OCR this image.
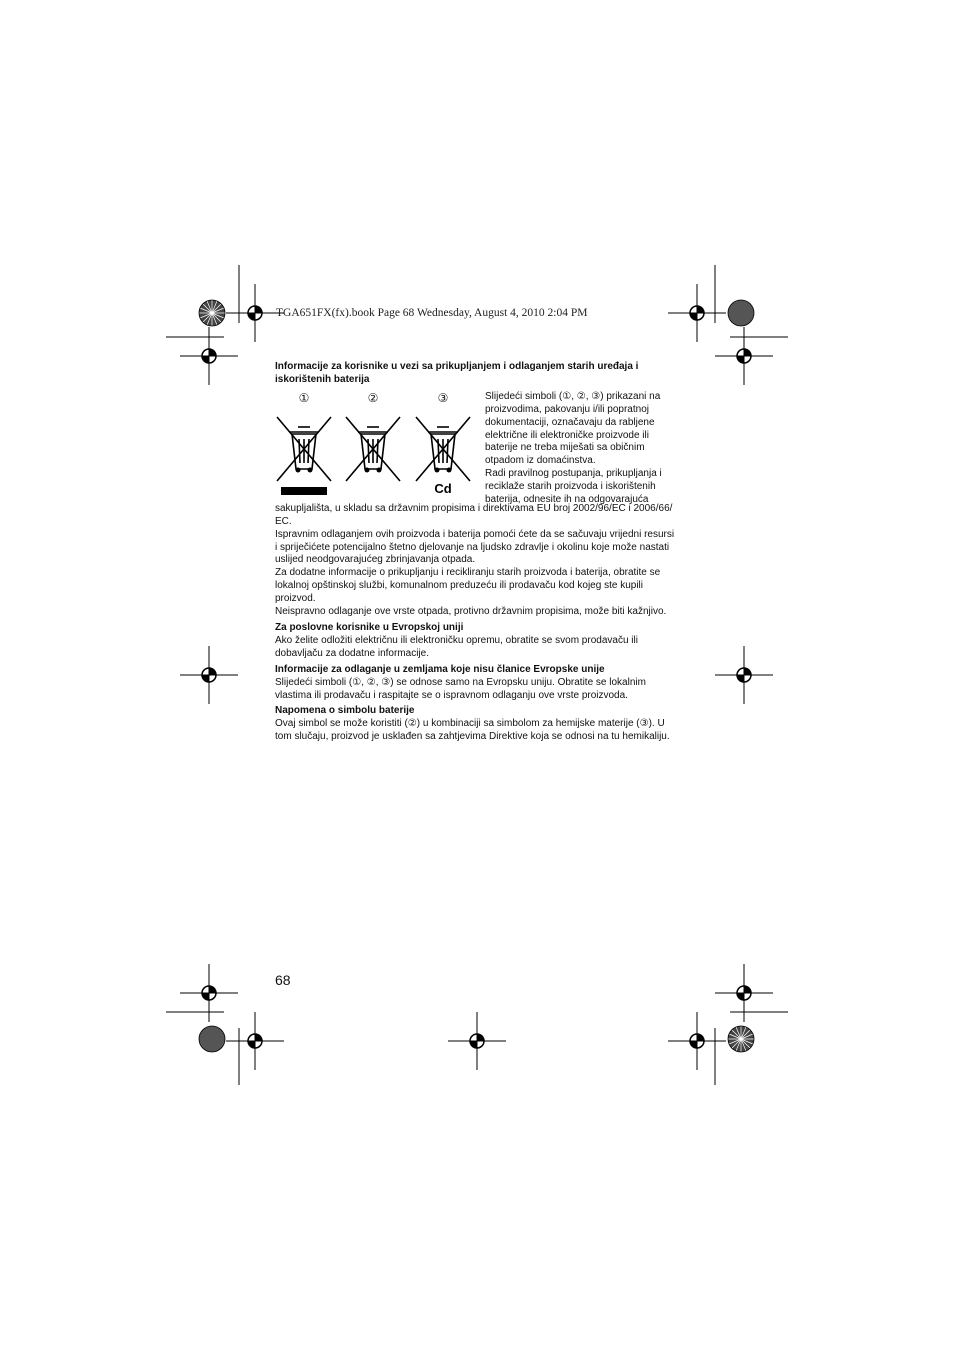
TGA651FX(fx).book Page 68 Wednesday, August 4, 2010 2:04 PM

Informacije za korisnike u vezi sa prikupljanjem i odlaganjem starih uređaja i iskorištenih baterija

①	②	③
Cd

Slijedeći simboli (①, ②, ③) prikazani na proizvodima, pakovanju i/ili popratnoj dokumentaciji, označavaju da rabljene električne ili elektroničke proizvode ili baterije ne treba miješati sa običnim otpadom iz domaćinstva.

Radi pravilnog postupanja, prikupljanja i reciklaže starih proizvoda i iskorištenih baterija, odnesite ih na odgovarajuća

sakupljališta, u skladu sa državnim propisima i direktivama EU broj 2002/96/EC i 2006/66/ EC.

Ispravnim odlaganjem ovih proizvoda i baterija pomoći ćete da se sačuvaju vrijedni resursi i spriječićete potencijalno štetno djelovanje na ljudsko zdravlje i okolinu koje može nastati uslijed neodgovarajućeg zbrinjavanja otpada.

Za dodatne informacije o prikupljanju i recikliranju starih proizvoda i baterija, obratite se lokalnoj opštinskoj službi, komunalnom preduzeću ili prodavaču kod kojeg ste kupili proizvod.

Neispravno odlaganje ove vrste otpada, protivno državnim propisima, može biti kažnjivo.

Za poslovne korisnike u Evropskoj uniji

Ako želite odložiti električnu ili elektroničku opremu, obratite se svom prodavaču ili dobavljaču za dodatne informacije.

Informacije za odlaganje u zemljama koje nisu članice Evropske unije

Slijedeći simboli (①, ②, ③) se odnose samo na Evropsku uniju. Obratite se lokalnim vlastima ili prodavaču i raspitajte se o ispravnom odlaganju ove vrste proizvoda.

Napomena o simbolu baterije

Ovaj simbol se može koristiti (②) u kombinaciji sa simbolom za hemijske materije (③). U tom slučaju, proizvod je usklađen sa zahtjevima Direktive koja se odnosi na tu hemikaliju.

68
